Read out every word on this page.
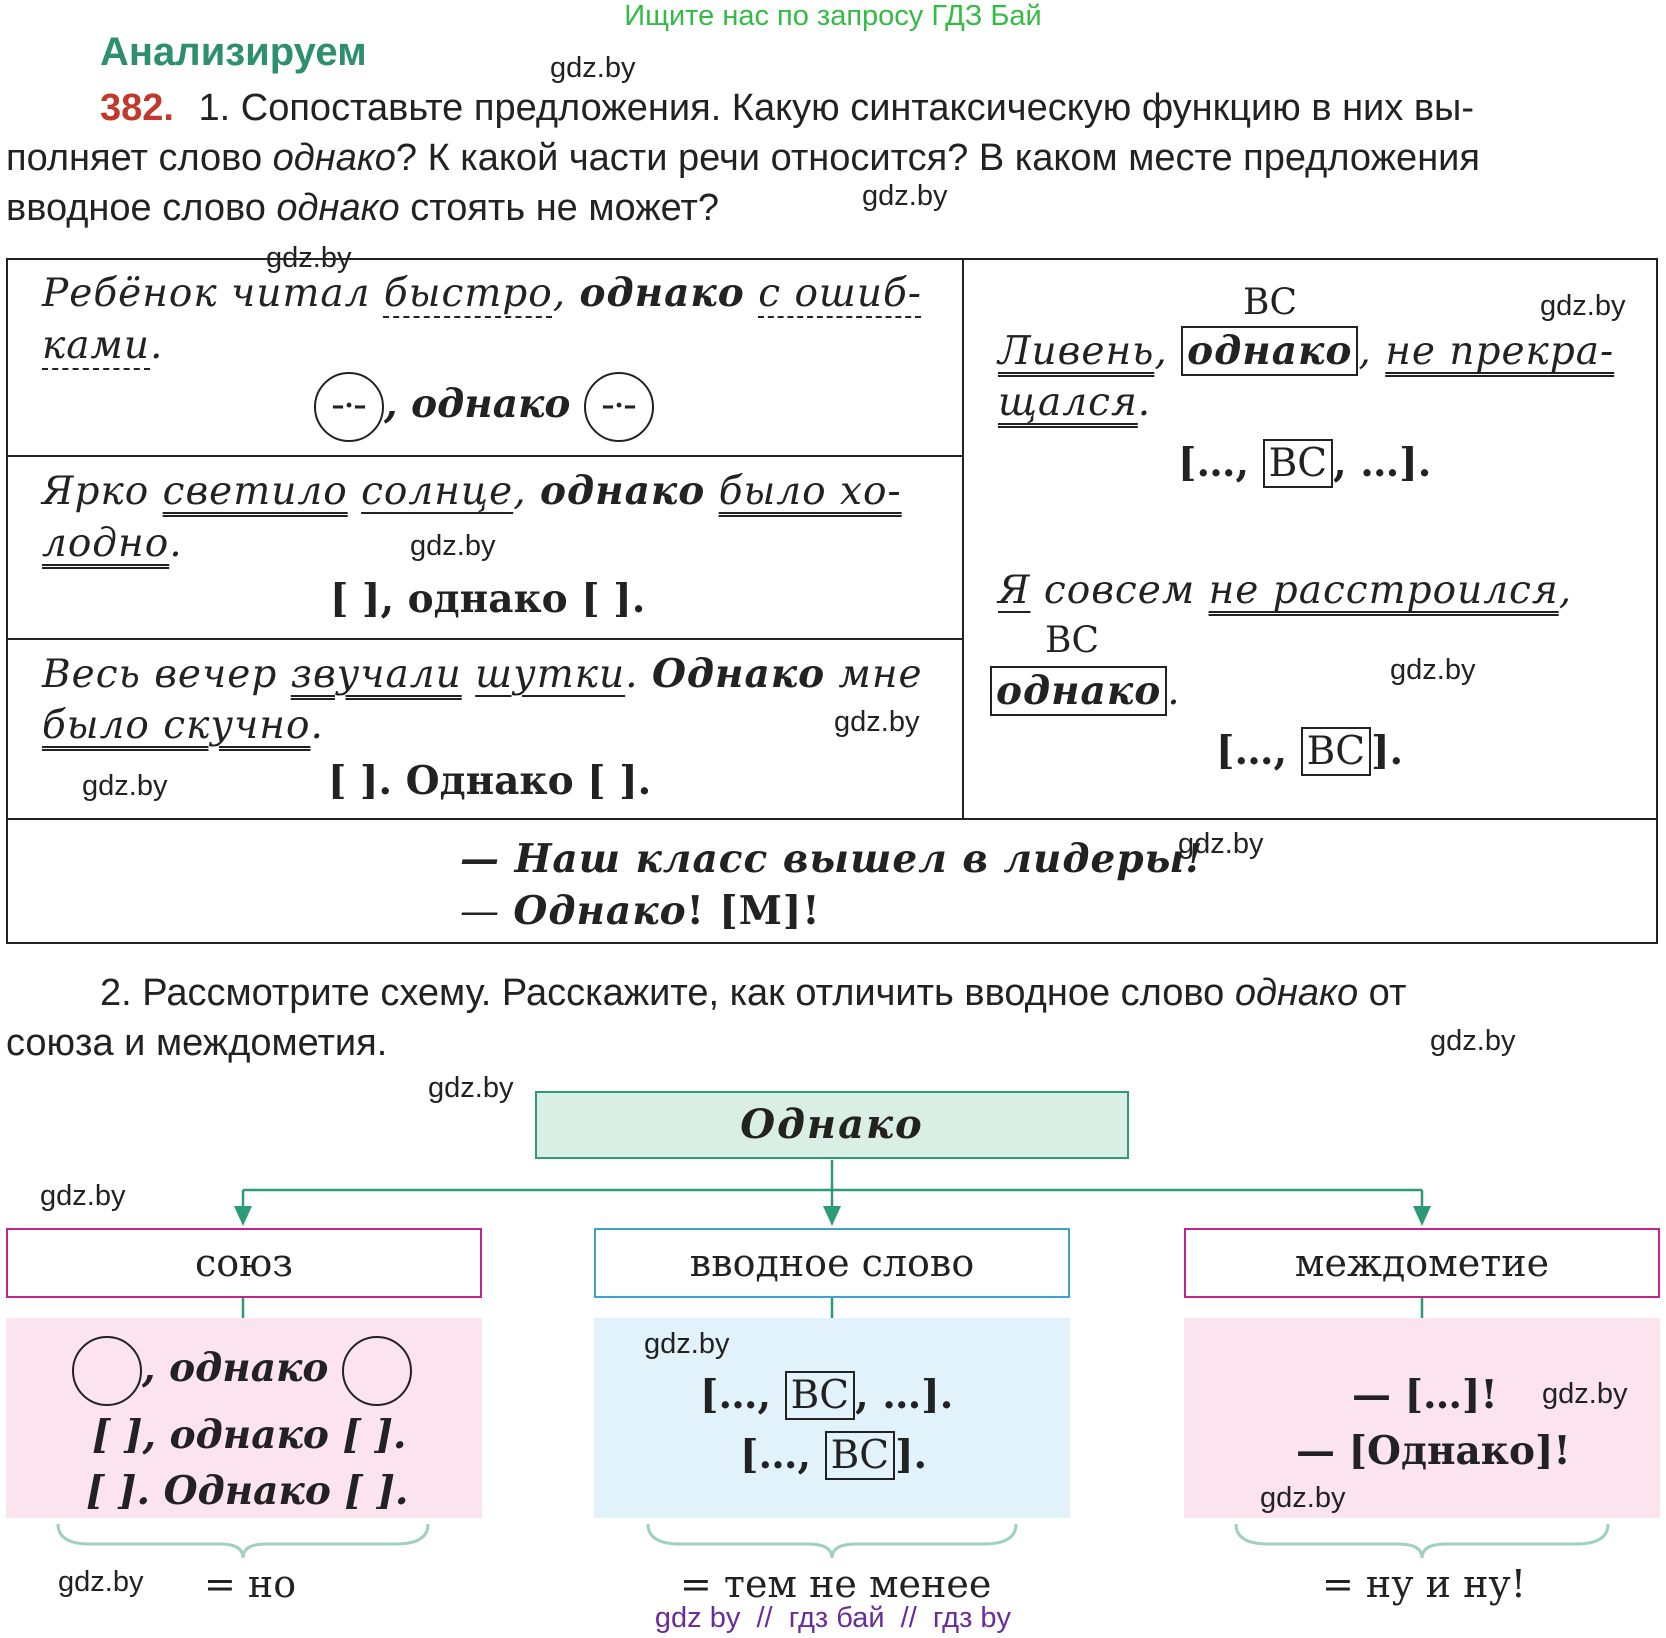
Ищите нас по запросу ГДЗ Бай
Анализируем	gdz.by
382. 1. Сопоставьте предложения. Какую синтаксическую функцию в них вы-
полняет слово однако? К какой части речи относится? В каком месте предложения
вводное слово однако стоять не может?	gdz.by
gdz.by
Ребёнок читал быстро, однако с ошиб-
ками.
–·– , однако –·–
Ярко светило солнце, однако было хо-
лодно.	gdz.by
[ ], однако [ ].
Весь вечер звучали шутки. Однако мне
было скучно.	gdz.by
gdz.by	[ ]. Однако [ ].
ВС	gdz.by
Ливень, однако , не прекра-
щался.
[…, ВС , …].
Я совсем не расстроился,
ВС
gdz.by
однако .
[…, ВС ].
— Наш класс вышел в лидеры!
gdz.by
— Однако! [М]!
2. Рассмотрите схему. Расскажите, как отличить вводное слово однако от
союза и междометия.	gdz.by
gdz.by
gdz.by
Однако
союз
, однако
[ ], однако [ ].
[ ]. Однако [ ].
вводное слово
gdz.by
[…, ВС , …].
[…, ВС ].
междометие
— […]! gdz.by
— [Однако]!
gdz.by
gdz.by = но	= тем не менее	= ну и ну!
gdz by  //  гдз бай  //  гдз by
